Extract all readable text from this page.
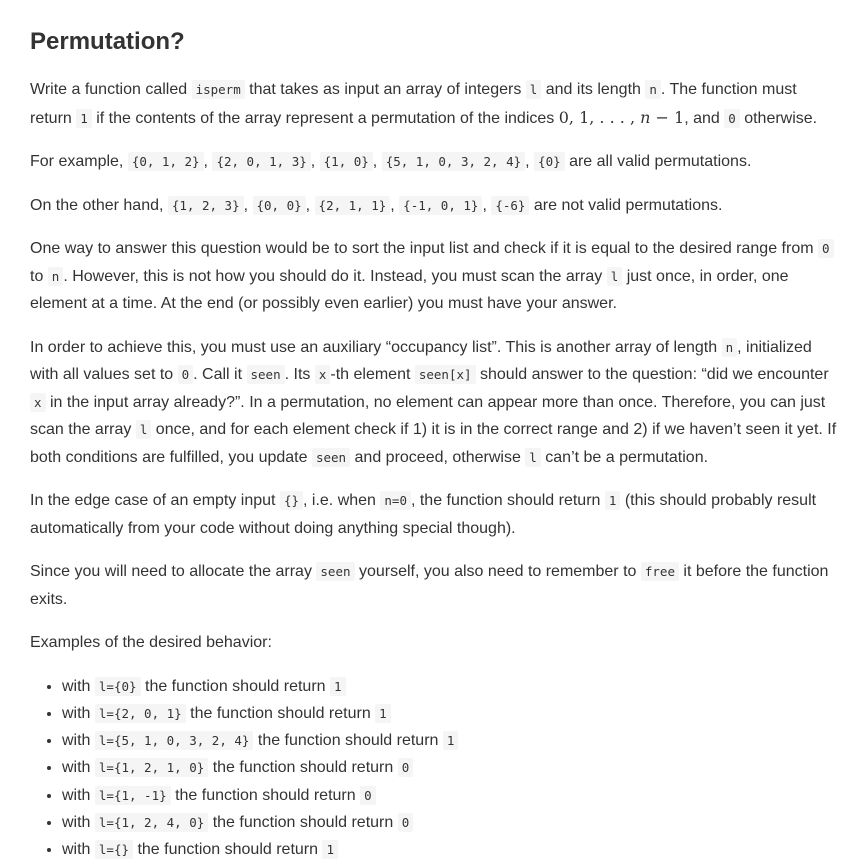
Permutation?

Write a function called isperm that takes as input an array of integers l and its length n . The function must return 1 if the contents of the array represent a permutation of the indices 0, 1, . . . , n − 1, and 0 otherwise.

For example, {0, 1, 2} , {2, 0, 1, 3} , {1, 0} , {5, 1, 0, 3, 2, 4} , {0} are all valid permutations.

On the other hand, {1, 2, 3} , {0, 0} , {2, 1, 1} , {-1, 0, 1} , {-6} are not valid permutations.

One way to answer this question would be to sort the input list and check if it is equal to the desired range from 0 to n . However, this is not how you should do it. Instead, you must scan the array l just once, in order, one element at a time. At the end (or possibly even earlier) you must have your answer.

In order to achieve this, you must use an auxiliary “occupancy list”. This is another array of length n , initialized with all values set to 0 . Call it seen . Its x -th element seen[x] should answer to the question: “did we encounter x in the input array already?”. In a permutation, no element can appear more than once. Therefore, you can just scan the array l once, and for each element check if 1) it is in the correct range and 2) if we haven’t seen it yet. If both conditions are fulfilled, you update seen and proceed, otherwise l can’t be a permutation.

In the edge case of an empty input {} , i.e. when n=0 , the function should return 1 (this should probably result automatically from your code without doing anything special though).

Since you will need to allocate the array seen yourself, you also need to remember to free it before the function exits.

Examples of the desired behavior:

• with l={0} the function should return 1
• with l={2, 0, 1} the function should return 1
• with l={5, 1, 0, 3, 2, 4} the function should return 1
• with l={1, 2, 1, 0} the function should return 0
• with l={1, -1} the function should return 0
• with l={1, 2, 4, 0} the function should return 0
• with l={} the function should return 1
